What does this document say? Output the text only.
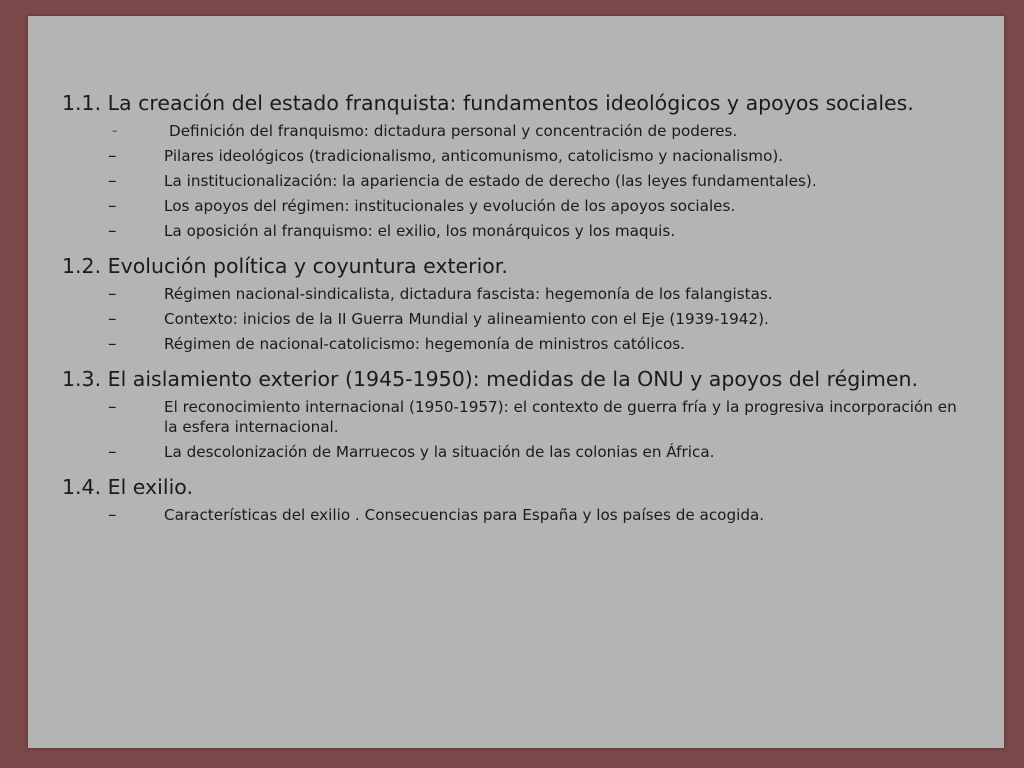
1.1. La creación del estado franquista: fundamentos ideológicos y apoyos sociales.

–	Definición del franquismo: dictadura personal y concentración de poderes.
–	Pilares ideológicos (tradicionalismo, anticomunismo, catolicismo y nacionalismo).
–	La institucionalización: la apariencia de estado de derecho (las leyes fundamentales).
–	Los apoyos del régimen: institucionales y evolución de los apoyos sociales.
–	La oposición al franquismo: el exilio, los monárquicos y los maquis.

1.2. Evolución política y coyuntura exterior.

–	Régimen nacional-sindicalista, dictadura fascista: hegemonía de los falangistas.
–	Contexto: inicios de la II Guerra Mundial y alineamiento con el Eje (1939-1942).
–	Régimen de nacional-catolicismo: hegemonía de ministros católicos.

1.3. El aislamiento exterior (1945-1950): medidas de la ONU y apoyos del régimen.

–	El reconocimiento internacional (1950-1957): el contexto de guerra fría y la progresiva incorporación en la esfera internacional.
–	La descolonización de Marruecos y la situación de las colonias en África.

1.4. El exilio.

–	Características del exilio . Consecuencias para España y los países de acogida.
